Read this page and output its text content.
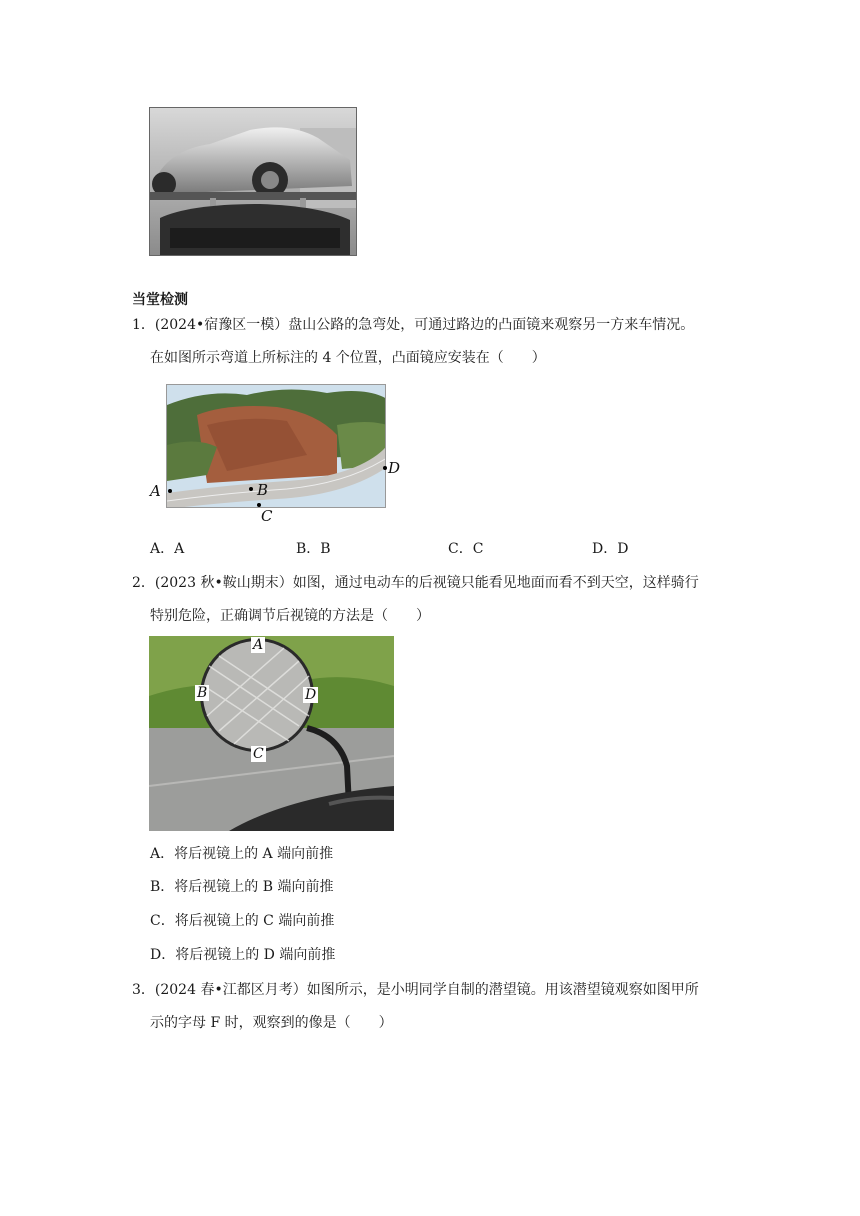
当堂检测
1．(2024•宿豫区一模）盘山公路的急弯处，可通过路边的凸面镜来观察另一方来车情况。
在如图所示弯道上所标注的 4 个位置，凸面镜应安装在（　　）
A	B
C
D
A．A	B．B	C．C	D．D
2．(2023 秋•鞍山期末）如图，通过电动车的后视镜只能看见地面而看不到天空，这样骑行
特别危险，正确调节后视镜的方法是（　　）
A
B	D
C
A．将后视镜上的 A 端向前推
B．将后视镜上的 B 端向前推
C．将后视镜上的 C 端向前推
D．将后视镜上的 D 端向前推
3．(2024 春•江都区月考）如图所示，是小明同学自制的潜望镜。用该潜望镜观察如图甲所
示的字母 F 时，观察到的像是（　　）
